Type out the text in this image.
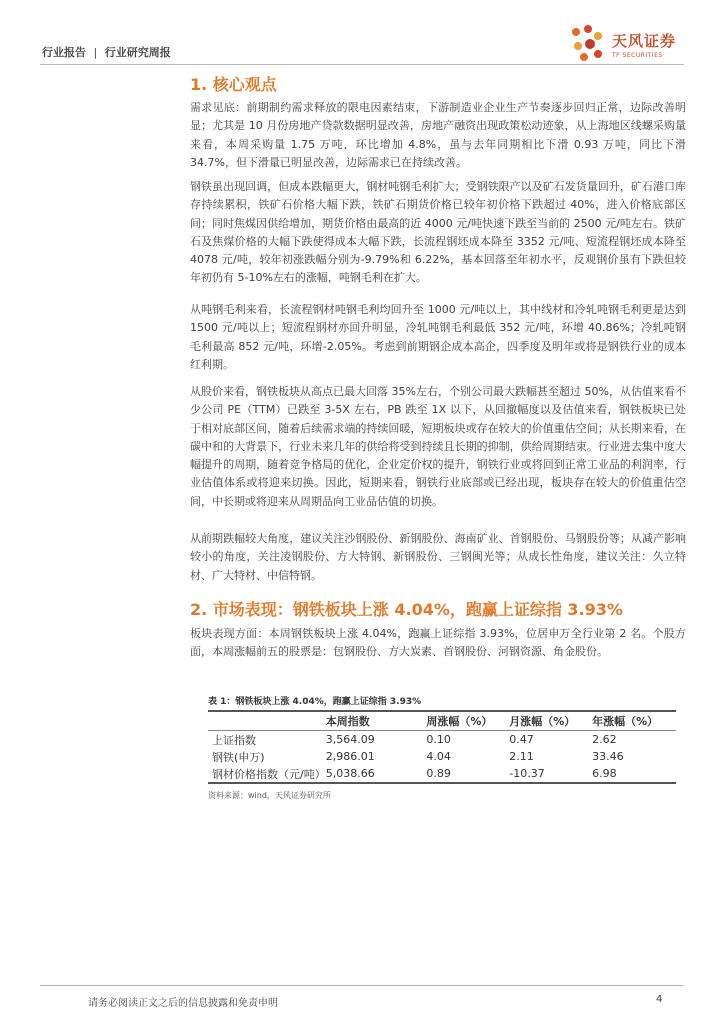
行业报告 | 行业研究周报
天风证券
TF SECURITIES
1. 核心观点

需求见底：前期制约需求释放的限电因素结束，下游制造业企业生产节奏逐步回归正常，边际改善明显；尤其是 10 月份房地产贷款数据明显改善，房地产融资出现政策松动迹象，从上海地区线螺采购量来看，本周采购量 1.75 万吨，环比增加 4.8%，虽与去年同期相比下滑 0.93 万吨，同比下滑 34.7%，但下滑量已明显改善，边际需求已在持续改善。

钢铁虽出现回调，但成本跌幅更大，钢材吨钢毛利扩大；受钢铁限产以及矿石发货量回升，矿石港口库存持续累积，铁矿石价格大幅下跌，铁矿石期货价格已较年初价格下跌超过 40%，进入价格底部区间；同时焦煤因供给增加，期货价格由最高的近 4000 元/吨快速下跌至当前的 2500 元/吨左右。铁矿石及焦煤价格的大幅下跌使得成本大幅下跌，长流程钢坯成本降至 3352 元/吨、短流程钢坯成本降至 4078 元/吨，较年初涨跌幅分别为-9.79%和 6.22%，基本回落至年初水平，反观钢价虽有下跌但较年初仍有 5-10%左右的涨幅，吨钢毛利在扩大。

从吨钢毛利来看，长流程钢材吨钢毛利均回升至 1000 元/吨以上，其中线材和冷轧吨钢毛利更是达到 1500 元/吨以上；短流程钢材亦回升明显，冷轧吨钢毛利最低 352 元/吨，环增 40.86%；冷轧吨钢毛利最高 852 元/吨，环增-2.05%。考虑到前期钢企成本高企，四季度及明年或将是钢铁行业的成本红利期。

从股价来看，钢铁板块从高点已最大回落 35%左右，个别公司最大跌幅甚至超过 50%，从估值来看不少公司 PE（TTM）已跌至 3-5X 左右，PB 跌至 1X 以下，从回撤幅度以及估值来看，钢铁板块已处于相对底部区间，随着后续需求端的持续回暖，短期板块或存在较大的价值重估空间；从长期来看，在碳中和的大背景下，行业未来几年的供给将受到持续且长期的抑制，供给周期结束。行业进去集中度大幅提升的周期，随着竞争格局的优化，企业定价权的提升，钢铁行业或将回到正常工业品的利润率，行业估值体系或将迎来切换。因此，短期来看，钢铁行业底部或已经出现，板块存在较大的价值重估空间，中长期或将迎来从周期品向工业品估值的切换。

从前期跌幅较大角度，建议关注沙钢股份、新钢股份、海南矿业、首钢股份、马钢股份等；从减产影响较小的角度，关注凌钢股份、方大特钢、新钢股份、三钢闽光等；从成长性角度，建议关注：久立特材、广大特材、中信特钢。

2. 市场表现：钢铁板块上涨 4.04%，跑赢上证综指 3.93%

板块表现方面：本周钢铁板块上涨 4.04%，跑赢上证综指 3.93%，位居申万全行业第 2 名。个股方面，本周涨幅前五的股票是：包钢股份、方大炭素、首钢股份、河钢资源、角金股份。

表 1：钢铁板块上涨 4.04%，跑赢上证综指 3.93%
	本周指数	周涨幅（%）	月涨幅（%）	年涨幅（%）
上证指数	3,564.09	0.10	0.47	2.62
钢铁(申万)	2,986.01	4.04	2.11	33.46
钢材价格指数（元/吨）	5,038.66	0.89	-10.37	6.98
资料来源：wind，天风证券研究所
请务必阅读正文之后的信息披露和免责申明	4
